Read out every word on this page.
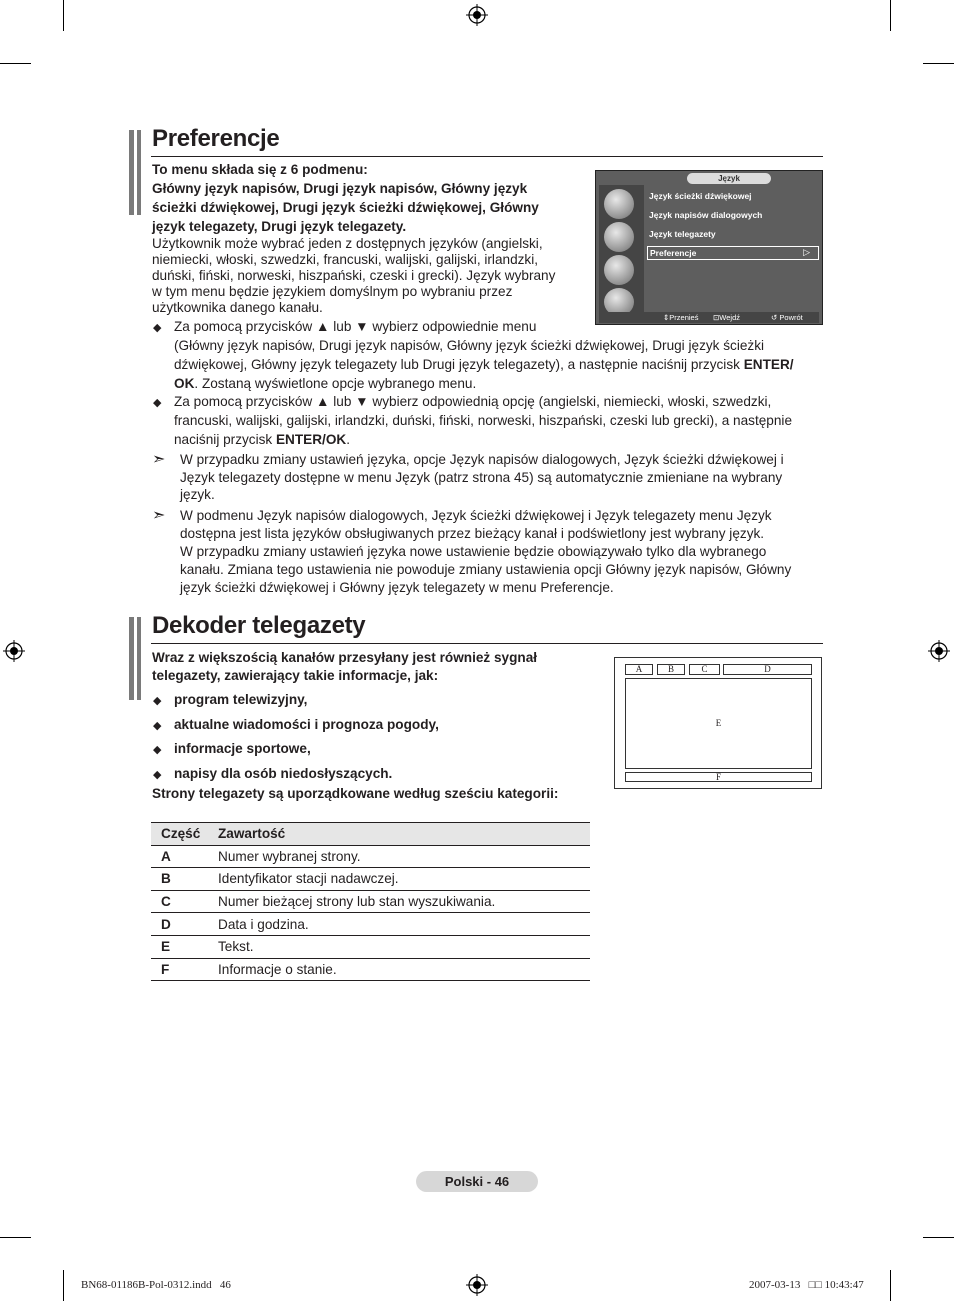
Preferencje
To menu składa się z 6 podmenu:
Główny język napisów, Drugi język napisów, Główny język
ścieżki dźwiękowej, Drugi język ścieżki dźwiękowej, Główny
język telegazety, Drugi język telegazety.
Użytkownik może wybrać jeden z dostępnych języków (angielski,
niemiecki, włoski, szwedzki, francuski, walijski, galijski, irlandzki,
duński, fiński, norweski, hiszpański, czeski i grecki). Język wybrany
w tym menu będzie językiem domyślnym po wybraniu przez
użytkownika danego kanału.
◆ Za pomocą przycisków ▲ lub ▼ wybierz odpowiednie menu
(Główny język napisów, Drugi język napisów, Główny język ścieżki dźwiękowej, Drugi język ścieżki
dźwiękowej, Główny język telegazety lub Drugi język telegazety), a następnie naciśnij przycisk ENTER/
OK. Zostaną wyświetlone opcje wybranego menu.
◆ Za pomocą przycisków ▲ lub ▼ wybierz odpowiednią opcję (angielski, niemiecki, włoski, szwedzki,
francuski, walijski, galijski, irlandzki, duński, fiński, norweski, hiszpański, czeski lub grecki), a następnie
naciśnij przycisk ENTER/OK.
➣ W przypadku zmiany ustawień języka, opcje Język napisów dialogowych, Język ścieżki dźwiękowej i
Język telegazety dostępne w menu Język (patrz strona 45) są automatycznie zmieniane na wybrany
język.
➣ W podmenu Język napisów dialogowych, Język ścieżki dźwiękowej i Język telegazety menu Język
dostępna jest lista języków obsługiwanych przez bieżący kanał i podświetlony jest wybrany język.
W przypadku zmiany ustawień języka nowe ustawienie będzie obowiązywało tylko dla wybranego
kanału. Zmiana tego ustawienia nie powoduje zmiany ustawienia opcji Główny język napisów, Główny
język ścieżki dźwiękowej i Główny język telegazety w menu Preferencje.
Język
Język ścieżki dźwiękowej
Język napisów dialogowych
Język telegazety
Preferencje	▷
⇕Przenieś ⊡Wejdź	↺ Powrót
Dekoder telegazety
Wraz z większością kanałów przesyłany jest również sygnał
telegazety, zawierający takie informacje, jak:
◆ program telewizyjny,
◆ aktualne wiadomości i prognoza pogody,
◆ informacje sportowe,
◆ napisy dla osób niedosłyszących.
Strony telegazety są uporządkowane według sześciu kategorii:
A	B	C	D
E
F
Część	Zawartość
A	Numer wybranej strony.
B	Identyfikator stacji nadawczej.
C	Numer bieżącej strony lub stan wyszukiwania.
D	Data i godzina.
E	Tekst.
F	Informacje o stanie.
Polski - 46
BN68-01186B-Pol-0312.indd   46	2007-03-13   □□ 10:43:47
